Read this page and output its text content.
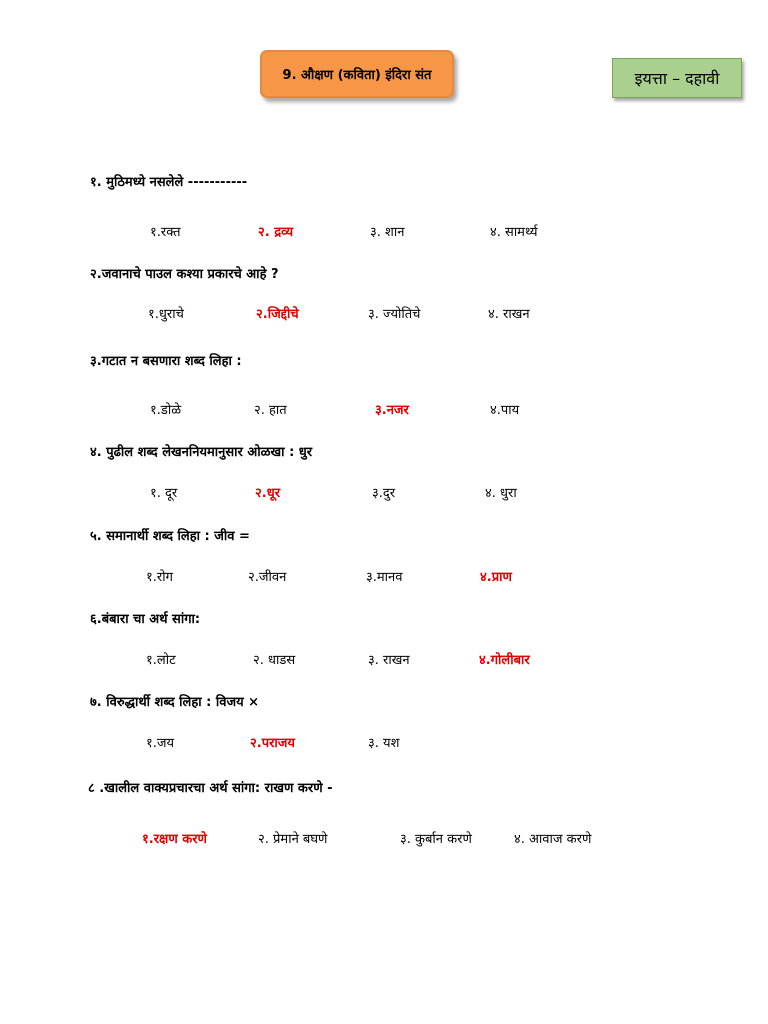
9. औक्षण (कविता) इंदिरा संत	इयत्ता – दहावी
१. मुठिमध्ये नसलेले -----------
१.रक्त	२. द्रव्य	३. शान	४. सामर्थ्य
२.जवानाचे पाउल कश्या प्रकारचे आहे ?
१.धुराचे	२.जिद्दीचे	३. ज्योतिचे	४. राखन
३.गटात न बसणारा शब्द लिहा :
१.डोळे	२. हात	३.नजर	४.पाय
४. पुढील शब्द लेखननियमानुसार ओळखा : धुर
१. दूर	२.धूर	३.दुर	४. धुरा
५. समानार्थी शब्द लिहा : जीव =
१.रोग	२.जीवन	३.मानव	४.प्राण
६.बंबारा चा अर्थ सांगा:
१.लोट	२. धाडस	३. राखन	४.गोलीबार
७. विरुद्धार्थी शब्द लिहा : विजय ×
१.जय	२.पराजय	३. यश
८ .खालील वाक्यप्रचारचा अर्थ सांगा: राखण करणे -
१.रक्षण करणे	२. प्रेमाने बघणे	३. कुर्बान करणे	४. आवाज करणे
